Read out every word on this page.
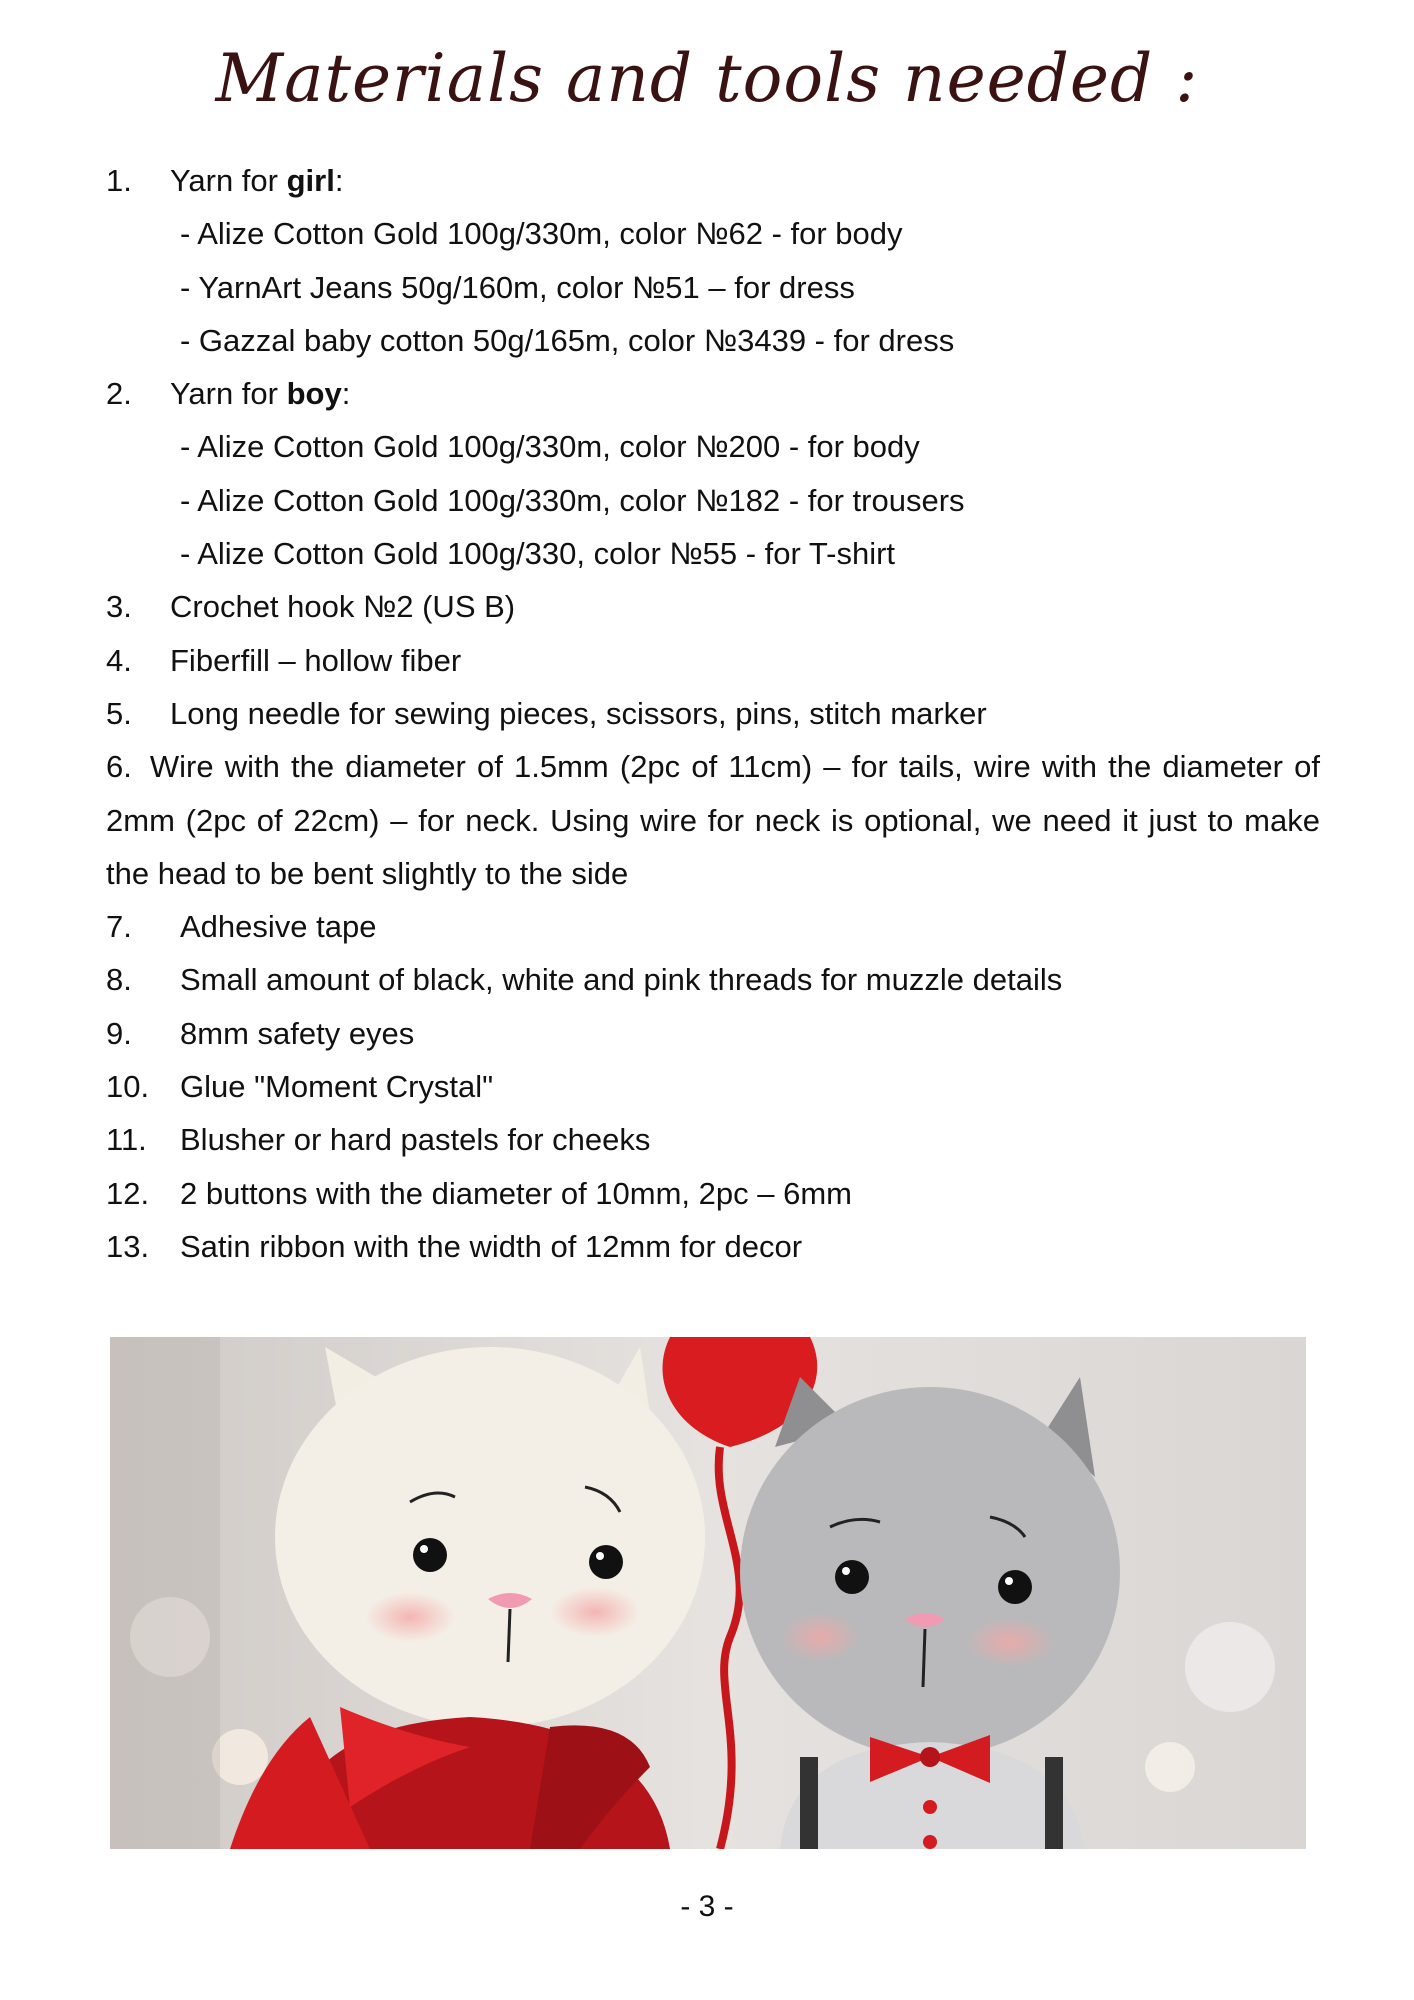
Materials and tools needed :
1. Yarn for girl:
- Alize Cotton Gold 100g/330m, color №62 - for body
- YarnArt Jeans 50g/160m, color №51 – for dress
- Gazzal baby cotton 50g/165m, color №3439 - for dress
2. Yarn for boy:
- Alize Cotton Gold 100g/330m, color №200 - for body
- Alize Cotton Gold 100g/330m, color №182 - for trousers
- Alize Cotton Gold 100g/330, color №55 - for T-shirt
3. Crochet hook №2 (US B)
4. Fiberfill – hollow fiber
5. Long needle for sewing pieces, scissors, pins, stitch marker
6. Wire with the diameter of 1.5mm (2pc of 11cm) – for tails, wire with the diameter of 2mm (2pc of 22cm) – for neck. Using wire for neck is optional, we need it just to make the head to be bent slightly to the side
7. Adhesive tape
8. Small amount of black, white and pink threads for muzzle details
9. 8mm safety eyes
10. Glue "Moment Crystal"
11. Blusher or hard pastels for cheeks
12. 2 buttons with the diameter of 10mm, 2pc – 6mm
13. Satin ribbon with the width of 12mm for decor
- 3 -
